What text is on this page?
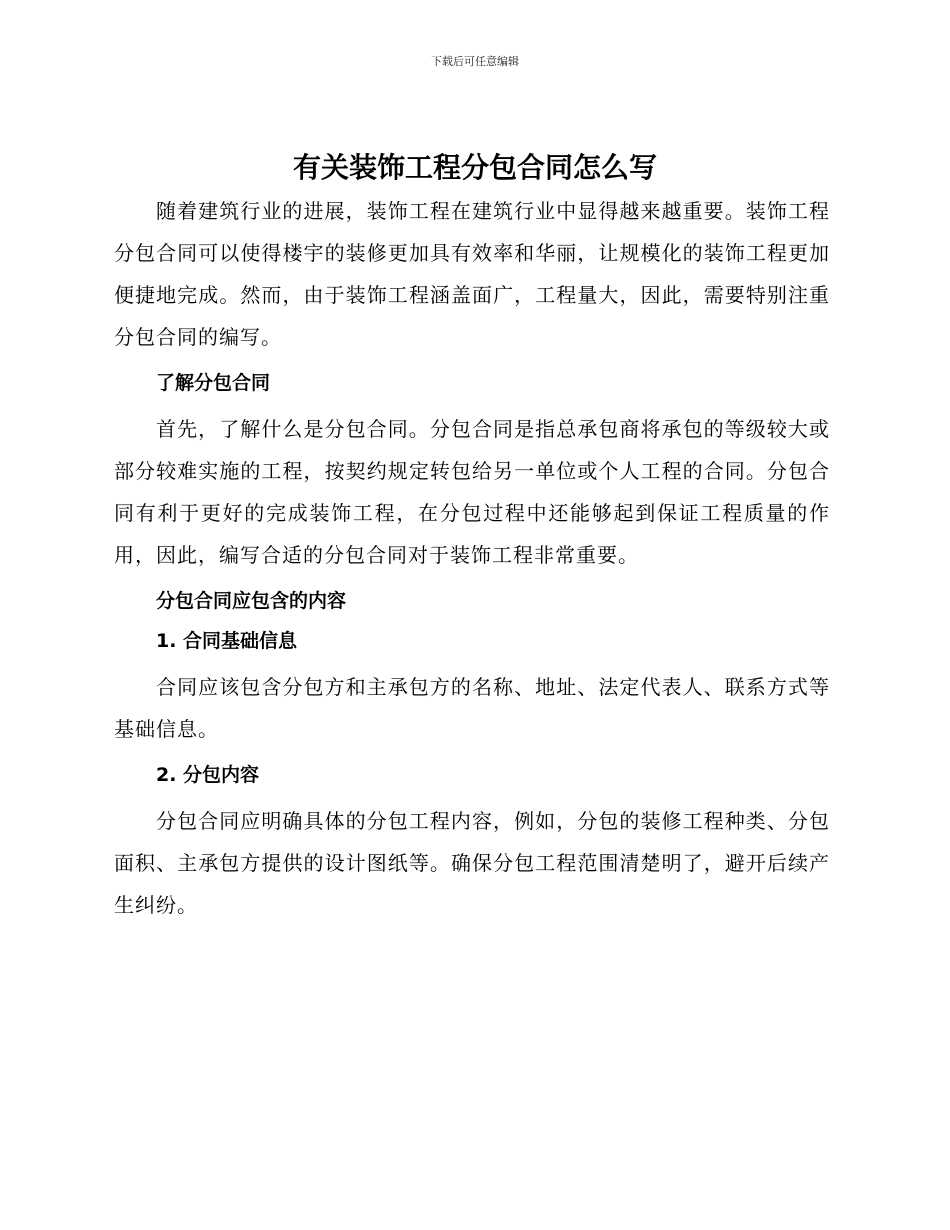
下载后可任意编辑
有关装饰工程分包合同怎么写

随着建筑行业的进展，装饰工程在建筑行业中显得越来越重要。装饰工程分包合同可以使得楼宇的装修更加具有效率和华丽，让规模化的装饰工程更加便捷地完成。然而，由于装饰工程涵盖面广，工程量大，因此，需要特别注重分包合同的编写。

了解分包合同

首先，了解什么是分包合同。分包合同是指总承包商将承包的等级较大或部分较难实施的工程，按契约规定转包给另一单位或个人工程的合同。分包合同有利于更好的完成装饰工程，在分包过程中还能够起到保证工程质量的作用，因此，编写合适的分包合同对于装饰工程非常重要。

分包合同应包含的内容
1. 合同基础信息

合同应该包含分包方和主承包方的名称、地址、法定代表人、联系方式等基础信息。

2. 分包内容

分包合同应明确具体的分包工程内容，例如，分包的装修工程种类、分包面积、主承包方提供的设计图纸等。确保分包工程范围清楚明了，避开后续产生纠纷。
